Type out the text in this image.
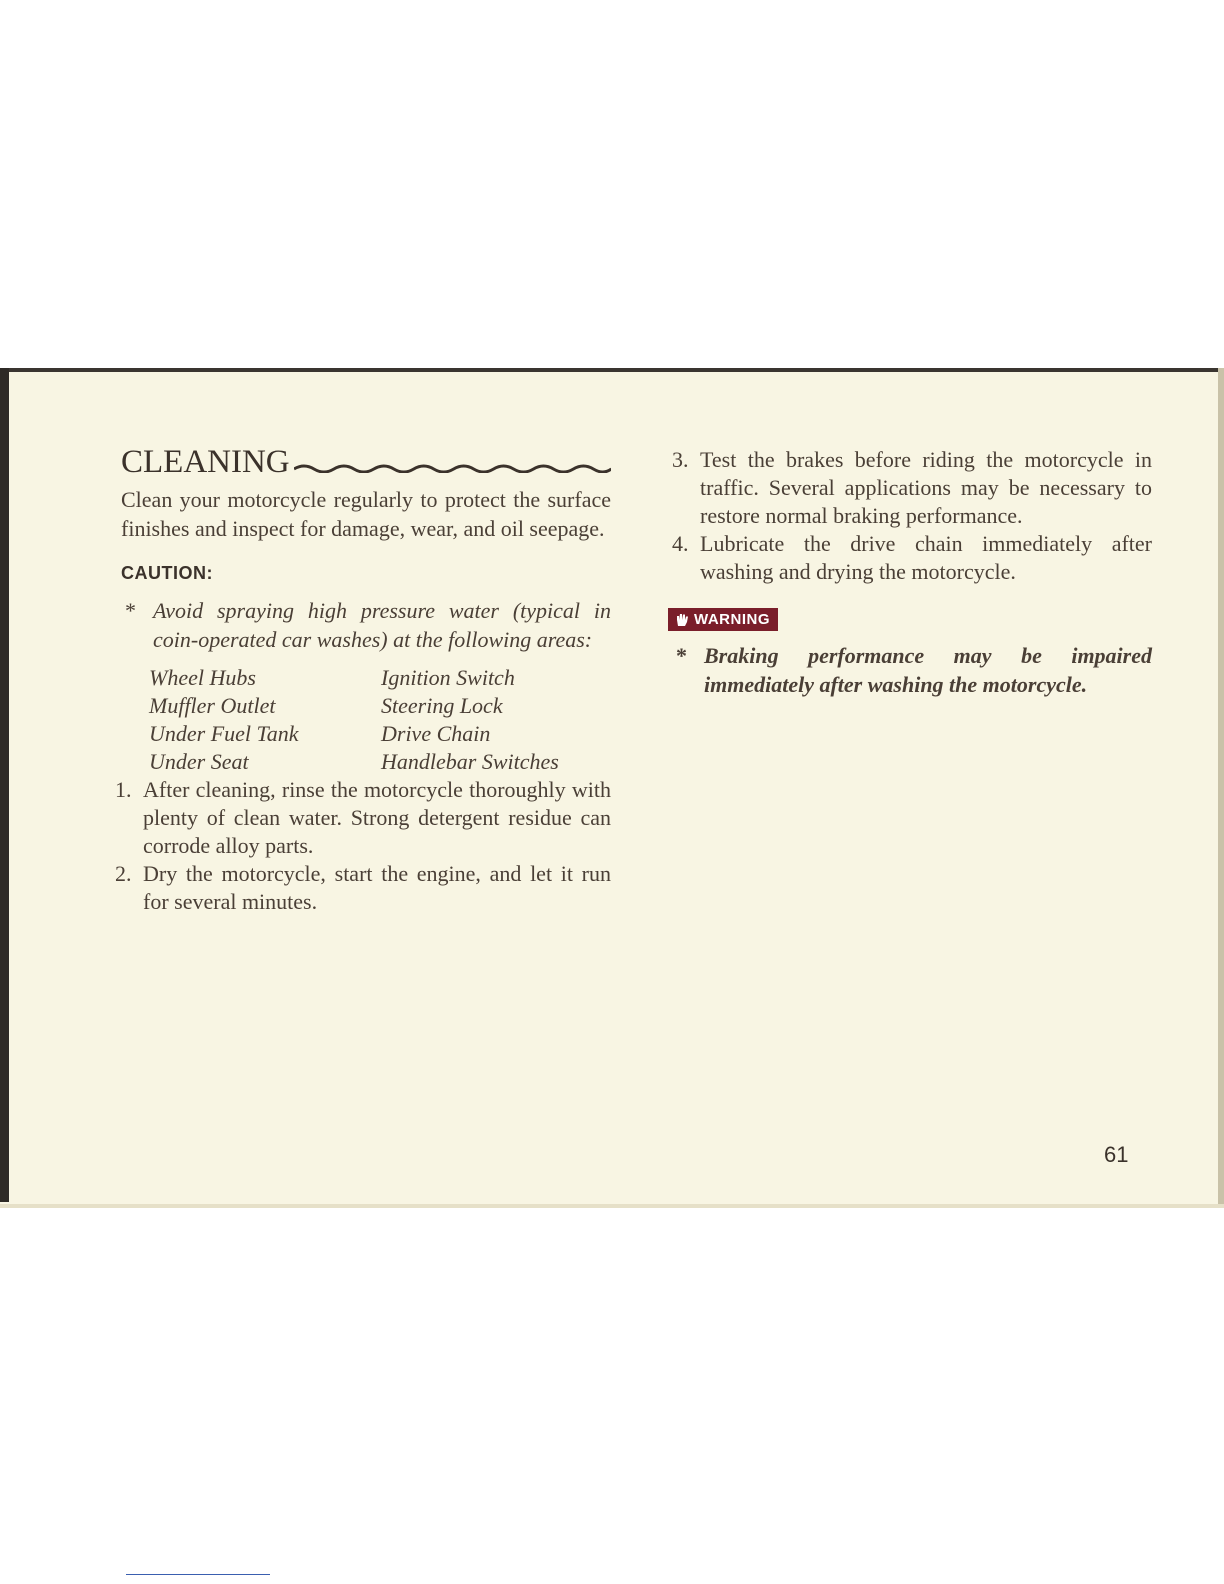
CLEANING

Clean your motorcycle regularly to protect the surface finishes and inspect for damage, wear, and oil seepage.

CAUTION:
* Avoid spraying high pressure water (typical in coin-operated car washes) at the following areas:
Wheel Hubs	Ignition Switch
Muffler Outlet	Steering Lock
Under Fuel Tank	Drive Chain
Under Seat	Handlebar Switches
1. After cleaning, rinse the motorcycle thoroughly with plenty of clean water. Strong detergent residue can corrode alloy parts.
2. Dry the motorcycle, start the engine, and let it run for several minutes.
3. Test the brakes before riding the motorcycle in traffic. Several applications may be necessary to restore normal braking performance.
4. Lubricate the drive chain immediately after washing and drying the motorcycle.
WARNING
* Braking performance may be impaired immediately after washing the motorcycle.
61
